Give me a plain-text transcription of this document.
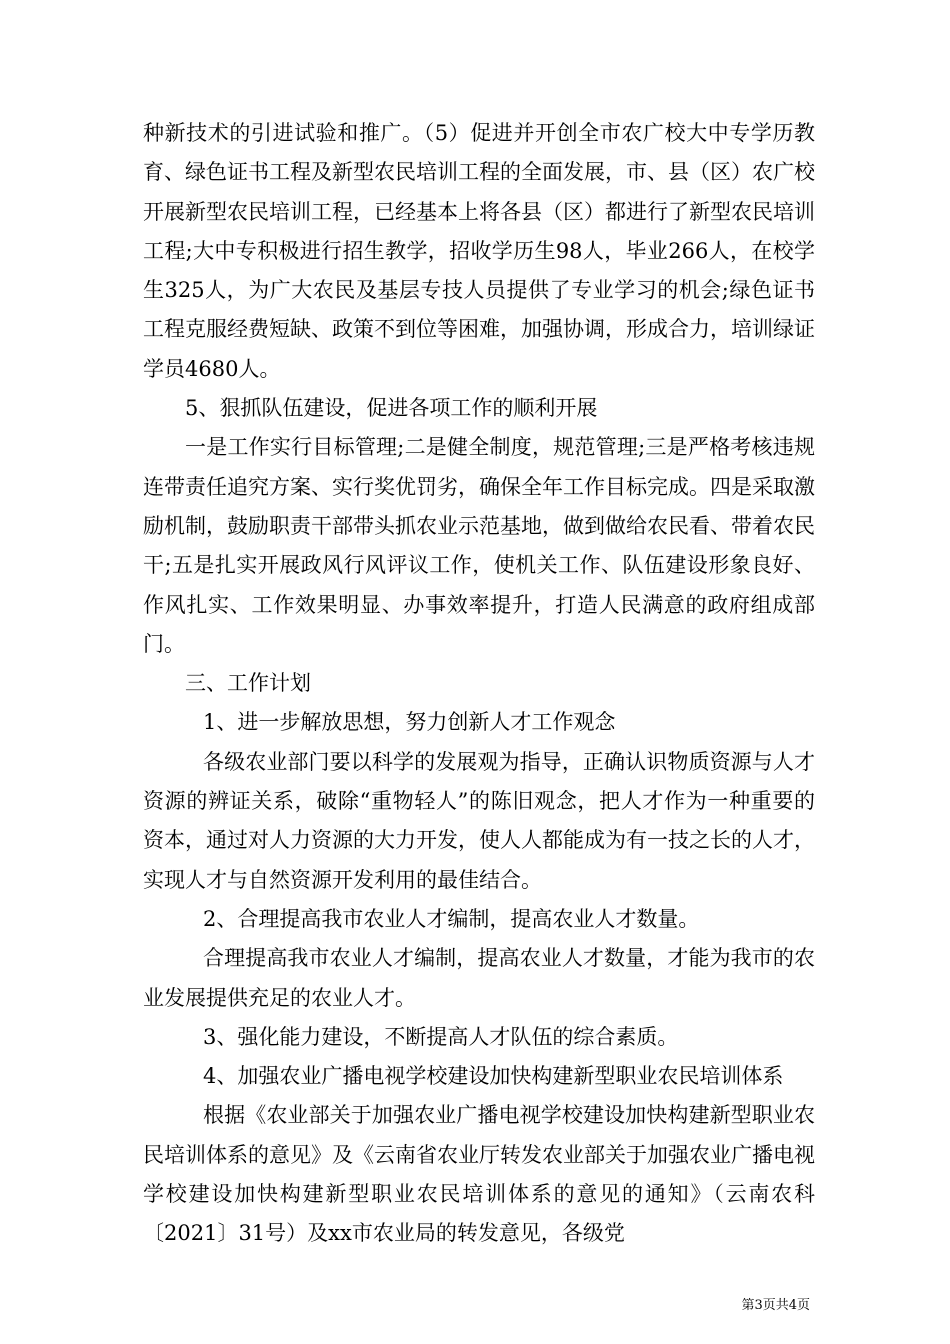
种新技术的引进试验和推广。（5）促进并开创全市农广校大中专学历教育、绿色证书工程及新型农民培训工程的全面发展，市、县（区）农广校开展新型农民培训工程，已经基本上将各县（区）都进行了新型农民培训工程;大中专积极进行招生教学，招收学历生98人，毕业266人，在校学生325人，为广大农民及基层专技人员提供了专业学习的机会;绿色证书工程克服经费短缺、政策不到位等困难，加强协调，形成合力，培训绿证学员4680人。

5、狠抓队伍建设，促进各项工作的顺利开展

一是工作实行目标管理;二是健全制度，规范管理;三是严格考核违规连带责任追究方案、实行奖优罚劣，确保全年工作目标完成。四是采取激励机制，鼓励职责干部带头抓农业示范基地，做到做给农民看、带着农民干;五是扎实开展政风行风评议工作，使机关工作、队伍建设形象良好、作风扎实、工作效果明显、办事效率提升，打造人民满意的政府组成部门。

三、工作计划

1、进一步解放思想，努力创新人才工作观念

各级农业部门要以科学的发展观为指导，正确认识物质资源与人才资源的辨证关系，破除“重物轻人”的陈旧观念，把人才作为一种重要的资本，通过对人力资源的大力开发，使人人都能成为有一技之长的人才，实现人才与自然资源开发利用的最佳结合。

2、合理提高我市农业人才编制，提高农业人才数量。

合理提高我市农业人才编制，提高农业人才数量，才能为我市的农业发展提供充足的农业人才。

3、强化能力建设，不断提高人才队伍的综合素质。

4、加强农业广播电视学校建设加快构建新型职业农民培训体系

根据《农业部关于加强农业广播电视学校建设加快构建新型职业农民培训体系的意见》及《云南省农业厅转发农业部关于加强农业广播电视学校建设加快构建新型职业农民培训体系的意见的通知》（云南农科〔2021〕31号）及xx市农业局的转发意见，各级党

第3页共4页
